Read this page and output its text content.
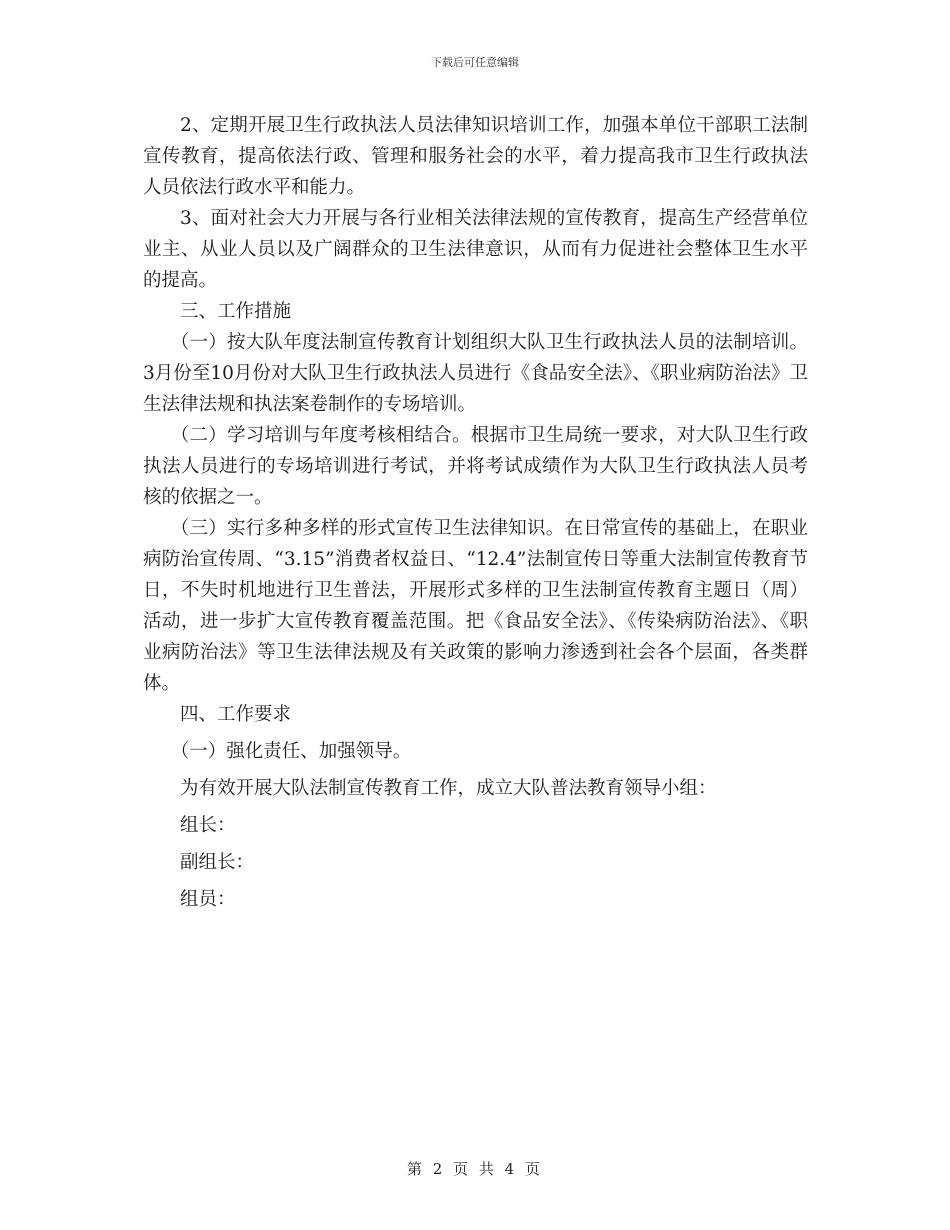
下载后可任意编辑

2、定期开展卫生行政执法人员法律知识培训工作，加强本单位干部职工法制宣传教育，提高依法行政、管理和服务社会的水平，着力提高我市卫生行政执法人员依法行政水平和能力。

3、面对社会大力开展与各行业相关法律法规的宣传教育，提高生产经营单位业主、从业人员以及广阔群众的卫生法律意识，从而有力促进社会整体卫生水平的提高。

三、工作措施

（一）按大队年度法制宣传教育计划组织大队卫生行政执法人员的法制培训。3月份至10月份对大队卫生行政执法人员进行《食品安全法》、《职业病防治法》卫生法律法规和执法案卷制作的专场培训。

（二）学习培训与年度考核相结合。根据市卫生局统一要求，对大队卫生行政执法人员进行的专场培训进行考试，并将考试成绩作为大队卫生行政执法人员考核的依据之一。

（三）实行多种多样的形式宣传卫生法律知识。在日常宣传的基础上，在职业病防治宣传周、“3.15”消费者权益日、“12.4”法制宣传日等重大法制宣传教育节日，不失时机地进行卫生普法，开展形式多样的卫生法制宣传教育主题日（周）活动，进一步扩大宣传教育覆盖范围。把《食品安全法》、《传染病防治法》、《职业病防治法》等卫生法律法规及有关政策的影响力渗透到社会各个层面，各类群体。

四、工作要求

（一）强化责任、加强领导。

为有效开展大队法制宣传教育工作，成立大队普法教育领导小组：

组长：

副组长：

组员：

第 2 页 共 4 页
